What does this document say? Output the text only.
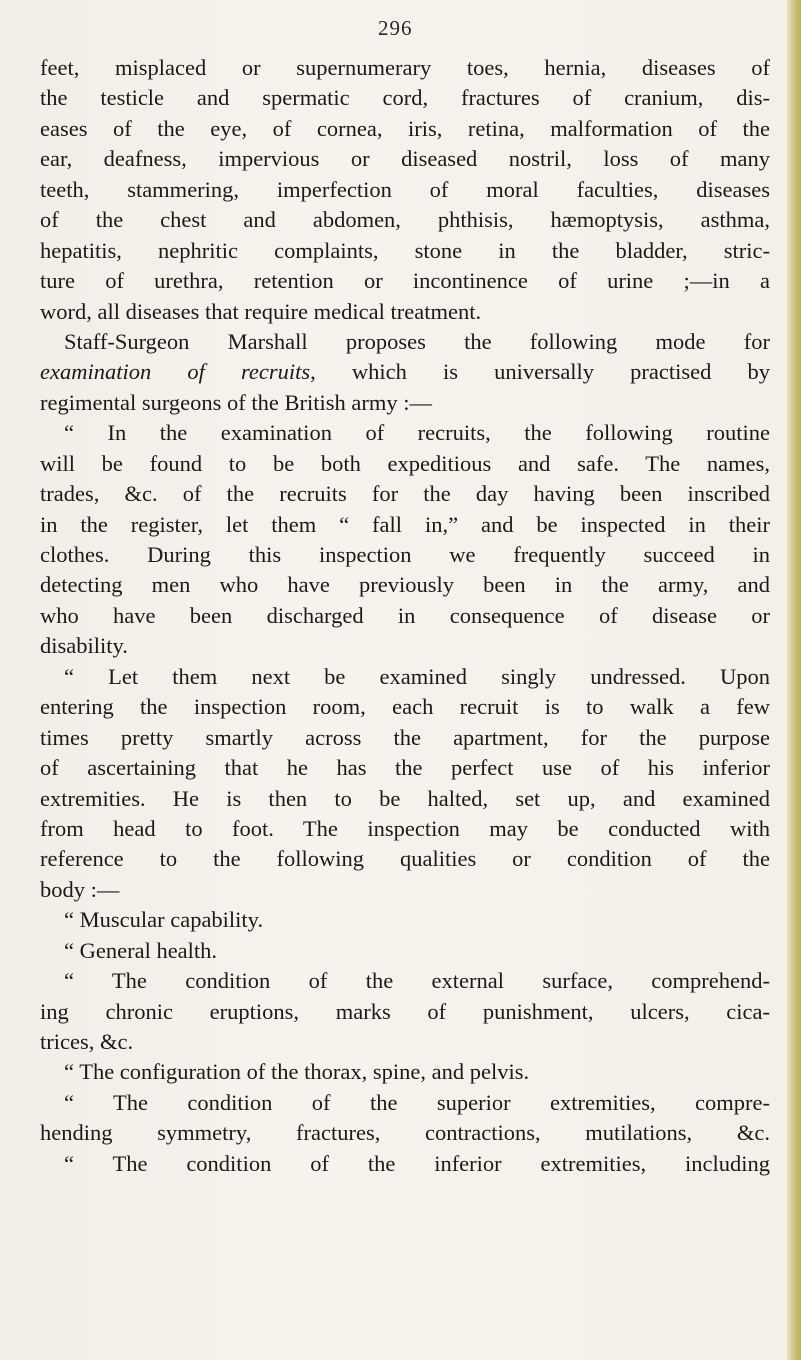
296
feet, misplaced or supernumerary toes, hernia, diseases of
the testicle and spermatic cord, fractures of cranium, dis-
eases of the eye, of cornea, iris, retina, malformation of the
ear, deafness, impervious or diseased nostril, loss of many
teeth, stammering, imperfection of moral faculties, diseases
of the chest and abdomen, phthisis, hæmoptysis, asthma,
hepatitis, nephritic complaints, stone in the bladder, stric-
ture of urethra, retention or incontinence of urine ;—in a
word, all diseases that require medical treatment.
Staff-Surgeon Marshall proposes the following mode for
examination of recruits, which is universally practised by
regimental surgeons of the British army :—
“ In the examination of recruits, the following routine
will be found to be both expeditious and safe. The names,
trades, &c. of the recruits for the day having been inscribed
in the register, let them “ fall in,” and be inspected in their
clothes. During this inspection we frequently succeed in
detecting men who have previously been in the army, and
who have been discharged in consequence of disease or
disability.
“ Let them next be examined singly undressed. Upon
entering the inspection room, each recruit is to walk a few
times pretty smartly across the apartment, for the purpose
of ascertaining that he has the perfect use of his inferior
extremities. He is then to be halted, set up, and examined
from head to foot. The inspection may be conducted with
reference to the following qualities or condition of the
body :—
“ Muscular capability.
“ General health.
“ The condition of the external surface, comprehend-
ing chronic eruptions, marks of punishment, ulcers, cica-
trices, &c.
“ The configuration of the thorax, spine, and pelvis.
“ The condition of the superior extremities, compre-
hending symmetry, fractures, contractions, mutilations, &c.
“ The condition of the inferior extremities, including
